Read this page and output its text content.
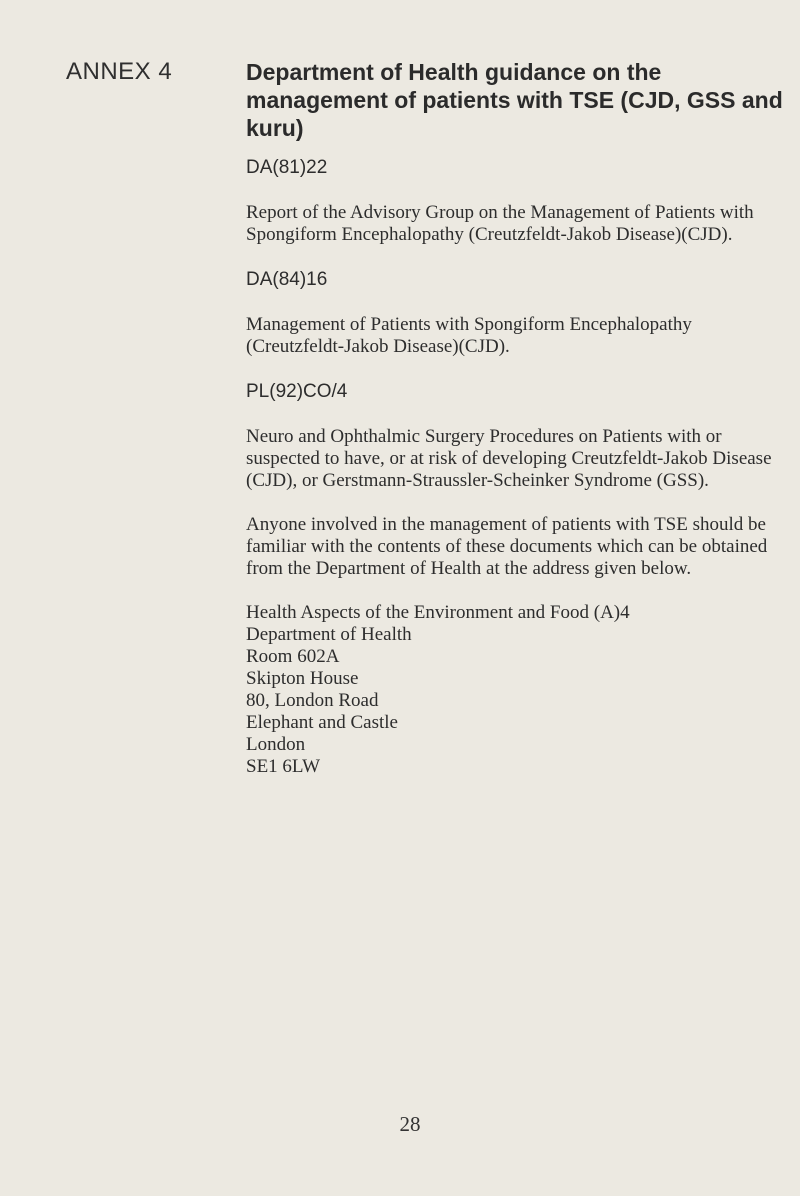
ANNEX 4	Department of Health guidance on the management of patients with TSE (CJD, GSS and kuru)

DA(81)22

Report of the Advisory Group on the Management of Patients with Spongiform Encephalopathy (Creutzfeldt-Jakob Disease)(CJD).

DA(84)16

Management of Patients with Spongiform Encephalopathy (Creutzfeldt-Jakob Disease)(CJD).

PL(92)CO/4

Neuro and Ophthalmic Surgery Procedures on Patients with or suspected to have, or at risk of developing Creutzfeldt-Jakob Disease (CJD), or Gerstmann-Straussler-Scheinker Syndrome (GSS).

Anyone involved in the management of patients with TSE should be familiar with the contents of these documents which can be obtained from the Department of Health at the address given below.

Health Aspects of the Environment and Food (A)4
Department of Health
Room 602A
Skipton House
80, London Road
Elephant and Castle
London
SE1 6LW
28
